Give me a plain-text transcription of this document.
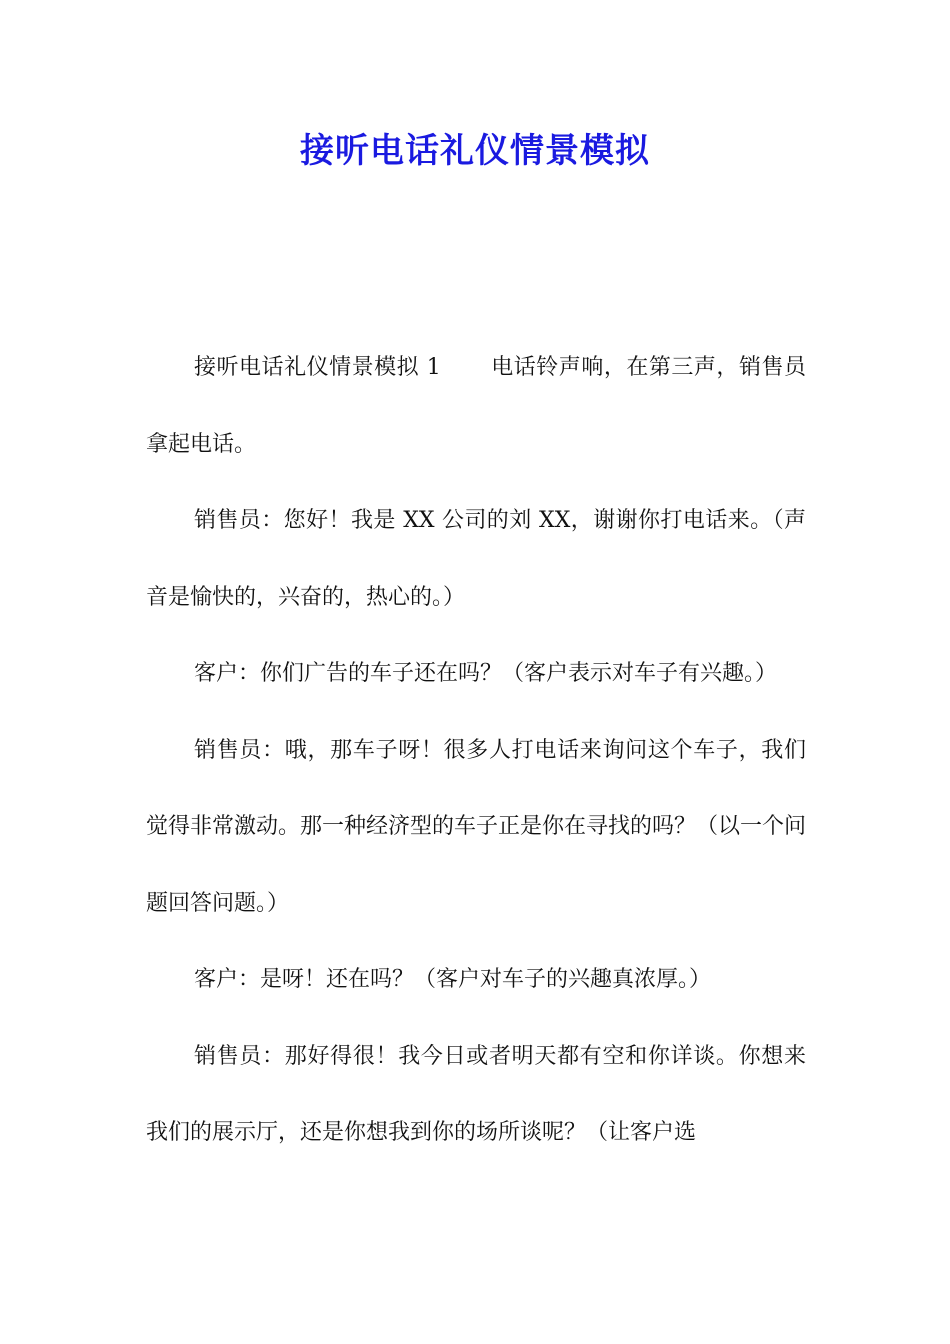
接听电话礼仪情景模拟

接听电话礼仪情景模拟 1 电话铃声响，在第三声，销售员拿起电话。

销售员：您好！我是 XX 公司的刘 XX，谢谢你打电话来。（声音是愉快的，兴奋的，热心的。）

客户：你们广告的车子还在吗？（客户表示对车子有兴趣。）

销售员：哦，那车子呀！很多人打电话来询问这个车子，我们觉得非常激动。那一种经济型的车子正是你在寻找的吗？（以一个问题回答问题。）

客户：是呀！还在吗？（客户对车子的兴趣真浓厚。）

销售员：那好得很！我今日或者明天都有空和你详谈。你想来我们的展示厅，还是你想我到你的场所谈呢？（让客户选
